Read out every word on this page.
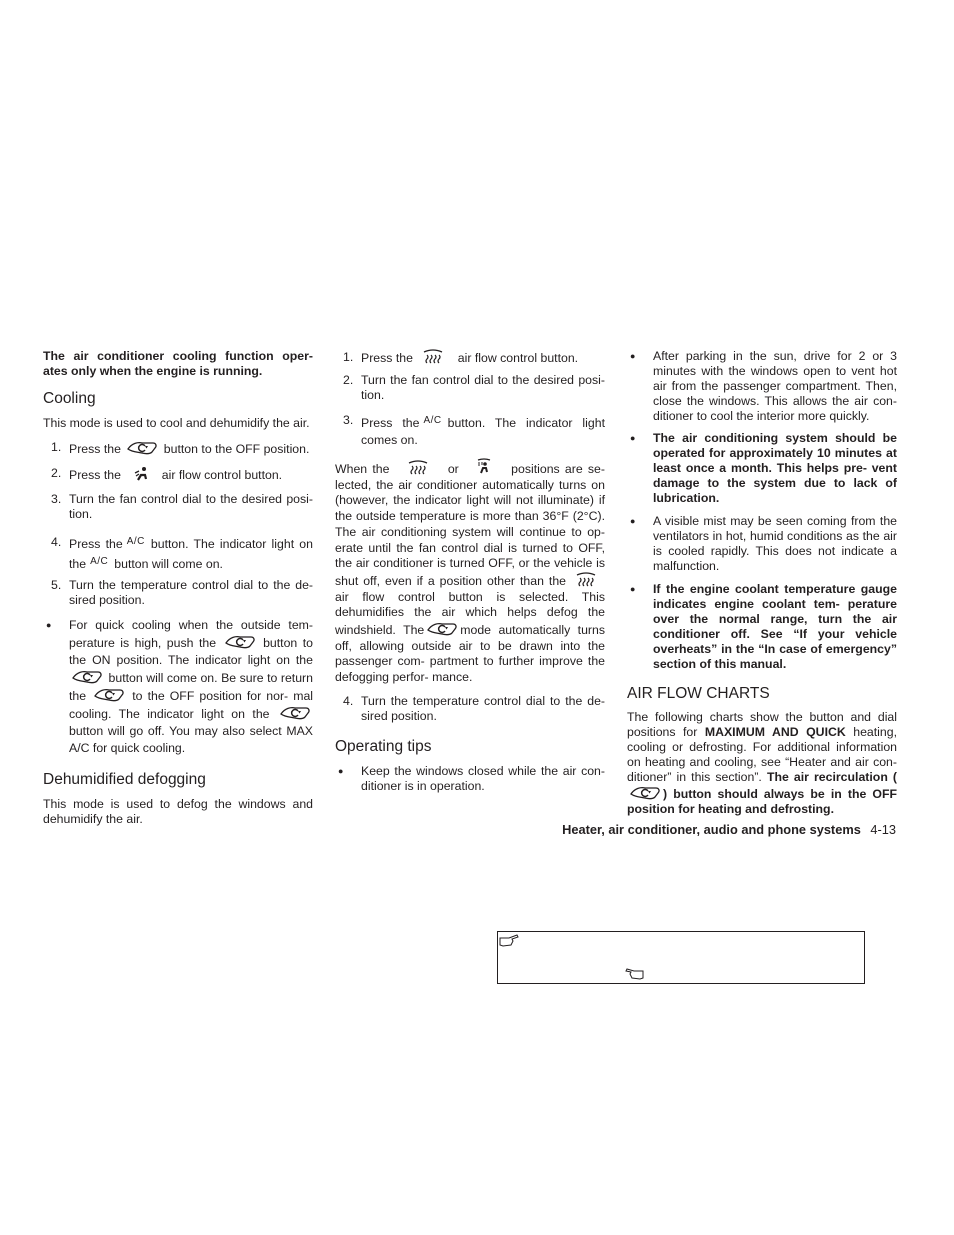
The air conditioner cooling function oper- ates only when the engine is running.

Cooling

This mode is used to cool and dehumidify the air.

1. Press the	button to the OFF position.
2. Press the	air flow control button.
3. Turn the fan control dial to the desired posi- tion.
4. Press the $^{A/C}$ button. The indicator light on the $^{A/C}$ button will come on.
5. Turn the temperature control dial to the de- sired position.
● For quick cooling when the outside tem- perature is high, push the	button to the ON position. The indicator light on the  button will come on. Be sure to return the	to the OFF position for nor- mal cooling. The indicator light on the  button will go off. You may also select MAX A/C for quick cooling.
Dehumidified defogging

This mode is used to defog the windows and dehumidify the air.

1. Press the	air flow control button.
2. Turn the fan control dial to the desired posi- tion.
3. Press the $^{A/C}$ button. The indicator light comes on.

When the	or	positions are se- lected, the air conditioner automatically turns on (however, the indicator light will not illuminate) if the outside temperature is more than 36°F (2°C). The air conditioning system will continue to op- erate until the fan control dial is turned to OFF, the air conditioner is turned OFF, or the vehicle is shut off, even if a position other than the  air flow control button is selected. This dehumidifies the air which helps defog the windshield. The	mode automatically turns off, allowing outside air to be drawn into the passenger com- partment to further improve the defogging perfor- mance.

4. Turn the temperature control dial to the de- sired position.
Operating tips
● Keep the windows closed while the air con- ditioner is in operation.
● After parking in the sun, drive for 2 or 3 minutes with the windows open to vent hot air from the passenger compartment. Then, close the windows. This allows the air con- ditioner to cool the interior more quickly.
● The air conditioning system should be operated for approximately 10 minutes at least once a month. This helps pre- vent damage to the system due to lack of lubrication.
● A visible mist may be seen coming from the ventilators in hot, humid conditions as the air is cooled rapidly. This does not indicate a malfunction.
● If the engine coolant temperature gauge indicates engine coolant tem- perature over the normal range, turn the air conditioner off. See “If your vehicle overheats” in the “In case of emergency” section of this manual.
AIR FLOW CHARTS

The following charts show the button and dial positions for MAXIMUM AND QUICK heating, cooling or defrosting. For additional information on heating and cooling, see “Heater and air con- ditioner” in this section”. The air recirculation () button should always be in the OFF position for heating and defrosting.

Heater, air conditioner, audio and phone systems 4-13
